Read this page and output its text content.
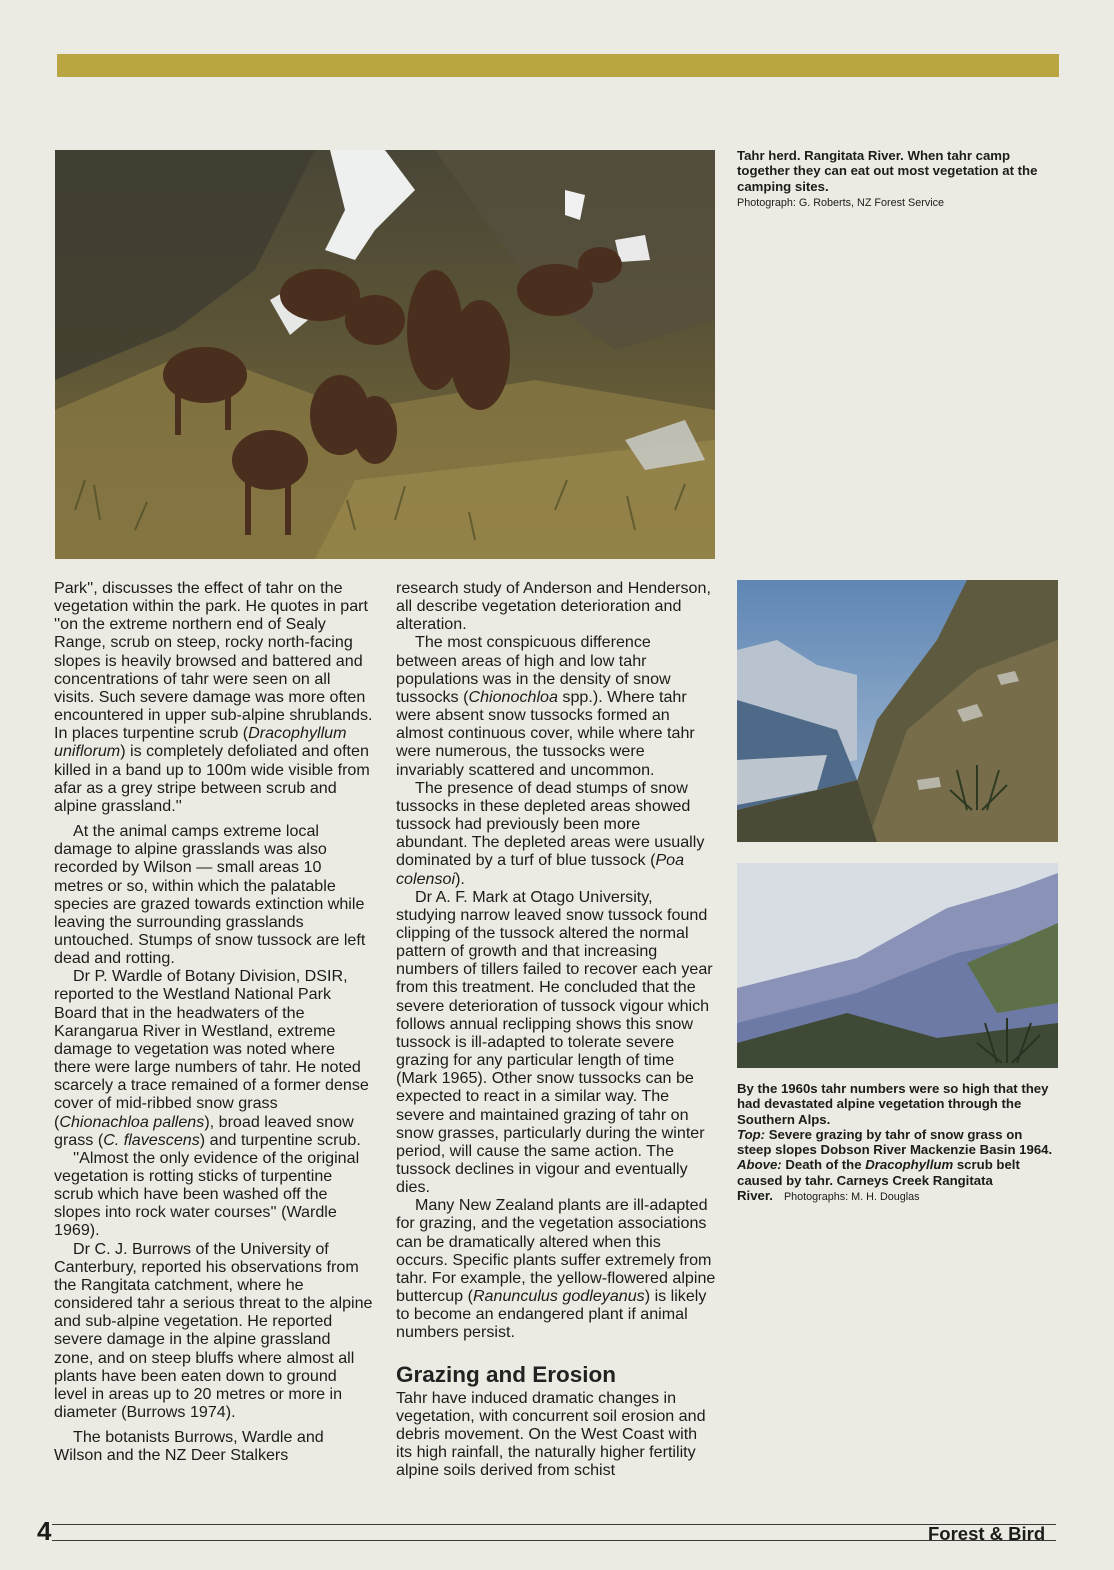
Tahr herd. Rangitata River. When tahr camp together they can eat out most vegetation at the camping sites.
Photograph: G. Roberts, NZ Forest Service

By the 1960s tahr numbers were so high that they had devastated alpine vegetation through the Southern Alps.

Top: Severe grazing by tahr of snow grass on steep slopes Dobson River Mackenzie Basin 1964.

Above: Death of the Dracophyllum scrub belt caused by tahr. Carneys Creek Rangitata River. Photographs: M. H. Douglas

Park'', discusses the effect of tahr on the vegetation within the park. He quotes in part ''on the extreme northern end of Sealy Range, scrub on steep, rocky north-facing slopes is heavily browsed and battered and concentrations of tahr were seen on all visits. Such severe damage was more often encountered in upper sub-alpine shrublands. In places turpentine scrub (Dracophyllum uniflorum) is completely defoliated and often killed in a band up to 100m wide visible from afar as a grey stripe between scrub and alpine grassland.''

At the animal camps extreme local damage to alpine grasslands was also recorded by Wilson — small areas 10 metres or so, within which the palatable species are grazed towards extinction while leaving the surrounding grasslands untouched. Stumps of snow tussock are left dead and rotting.

Dr P. Wardle of Botany Division, DSIR, reported to the Westland National Park Board that in the headwaters of the Karangarua River in Westland, extreme damage to vegetation was noted where there were large numbers of tahr. He noted scarcely a trace remained of a former dense cover of mid-ribbed snow grass (Chionachloa pallens), broad leaved snow grass (C. flavescens) and turpentine scrub.

''Almost the only evidence of the original vegetation is rotting sticks of turpentine scrub which have been washed off the slopes into rock water courses'' (Wardle 1969).

Dr C. J. Burrows of the University of Canterbury, reported his observations from the Rangitata catchment, where he considered tahr a serious threat to the alpine and sub-alpine vegetation. He reported severe damage in the alpine grassland zone, and on steep bluffs where almost all plants have been eaten down to ground level in areas up to 20 metres or more in diameter (Burrows 1974).

The botanists Burrows, Wardle and Wilson and the NZ Deer Stalkers

research study of Anderson and Henderson, all describe vegetation deterioration and alteration.

The most conspicuous difference between areas of high and low tahr populations was in the density of snow tussocks (Chionochloa spp.). Where tahr were absent snow tussocks formed an almost continuous cover, while where tahr were numerous, the tussocks were invariably scattered and uncommon.

The presence of dead stumps of snow tussocks in these depleted areas showed tussock had previously been more abundant. The depleted areas were usually dominated by a turf of blue tussock (Poa colensoi).

Dr A. F. Mark at Otago University, studying narrow leaved snow tussock found clipping of the tussock altered the normal pattern of growth and that increasing numbers of tillers failed to recover each year from this treatment. He concluded that the severe deterioration of tussock vigour which follows annual reclipping shows this snow tussock is ill-adapted to tolerate severe grazing for any particular length of time (Mark 1965). Other snow tussocks can be expected to react in a similar way. The severe and maintained grazing of tahr on snow grasses, particularly during the winter period, will cause the same action. The tussock declines in vigour and eventually dies.

Many New Zealand plants are ill-adapted for grazing, and the vegetation associations can be dramatically altered when this occurs. Specific plants suffer extremely from tahr. For example, the yellow-flowered alpine buttercup (Ranunculus godleyanus) is likely to become an endangered plant if animal numbers persist.

Grazing and Erosion

Tahr have induced dramatic changes in vegetation, with concurrent soil erosion and debris movement. On the West Coast with its high rainfall, the naturally higher fertility alpine soils derived from schist

4	Forest & Bird
